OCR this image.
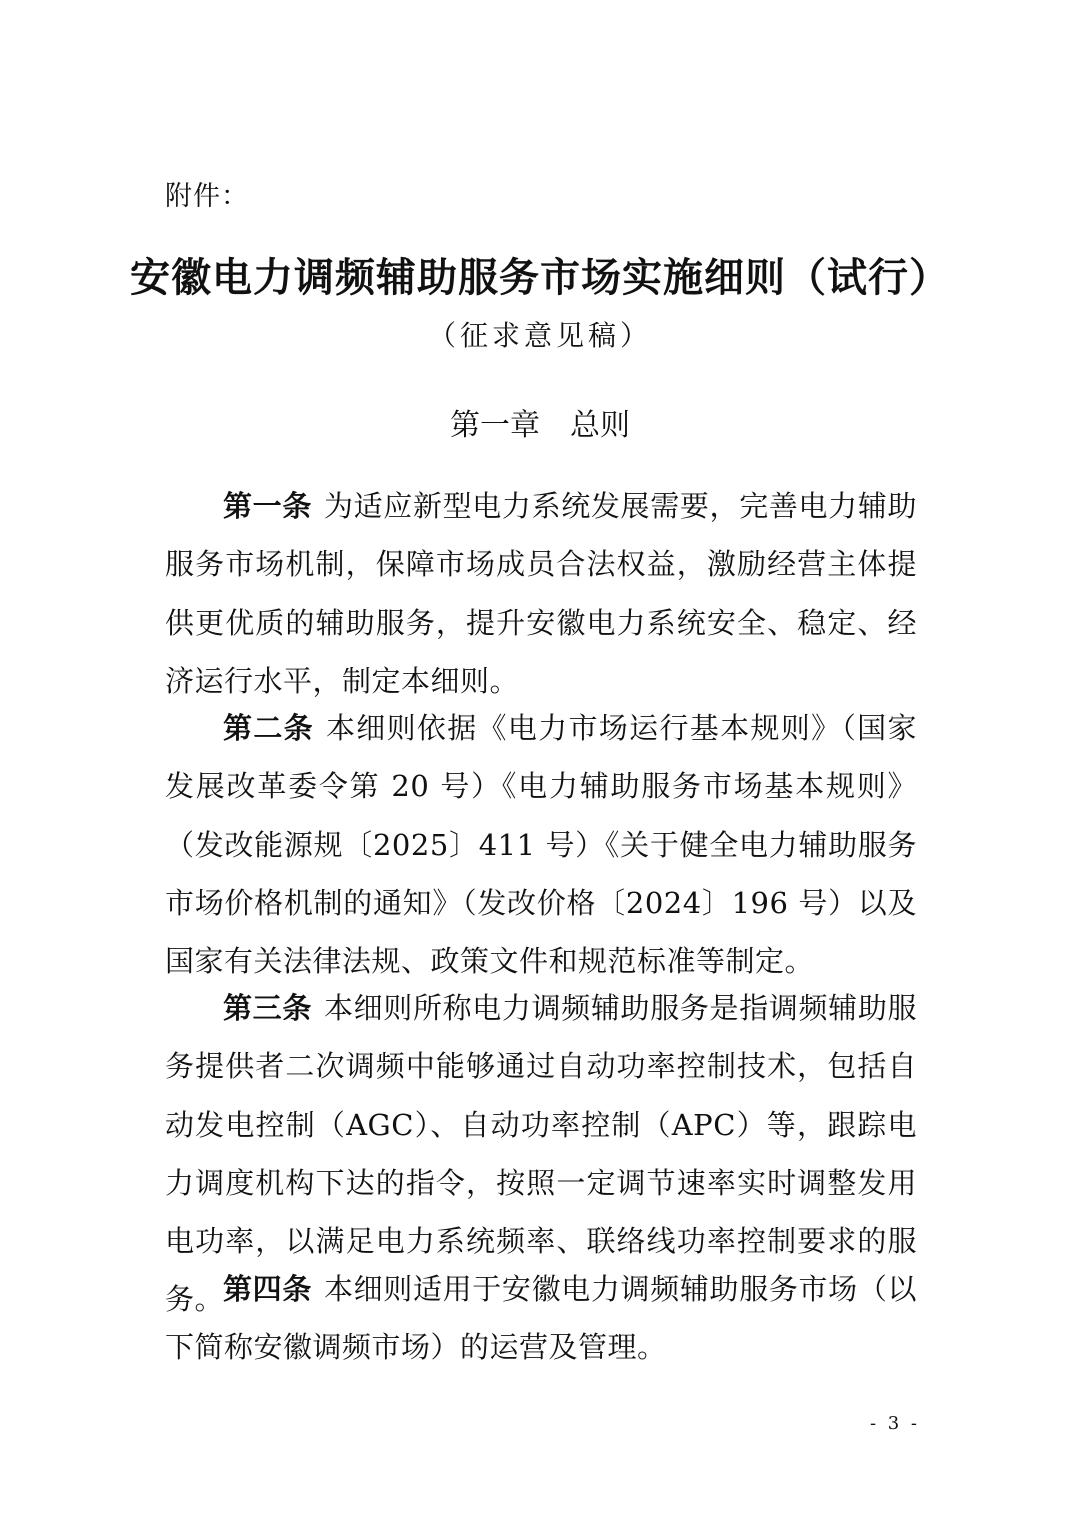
附件：
安徽电力调频辅助服务市场实施细则（试行）
（征求意见稿）
第一章　总则

第一条 为适应新型电力系统发展需要，完善电力辅助服务市场机制，保障市场成员合法权益，激励经营主体提供更优质的辅助服务，提升安徽电力系统安全、稳定、经济运行水平，制定本细则。

第二条 本细则依据《电力市场运行基本规则》（国家发展改革委令第 20 号）《电力辅助服务市场基本规则》（发改能源规〔2025〕411 号）《关于健全电力辅助服务市场价格机制的通知》（发改价格〔2024〕196 号）以及国家有关法律法规、政策文件和规范标准等制定。

第三条 本细则所称电力调频辅助服务是指调频辅助服务提供者二次调频中能够通过自动功率控制技术，包括自动发电控制（AGC）、自动功率控制（APC）等，跟踪电力调度机构下达的指令，按照一定调节速率实时调整发用电功率，以满足电力系统频率、联络线功率控制要求的服务。

第四条 本细则适用于安徽电力调频辅助服务市场（以下简称安徽调频市场）的运营及管理。

- 3 -
